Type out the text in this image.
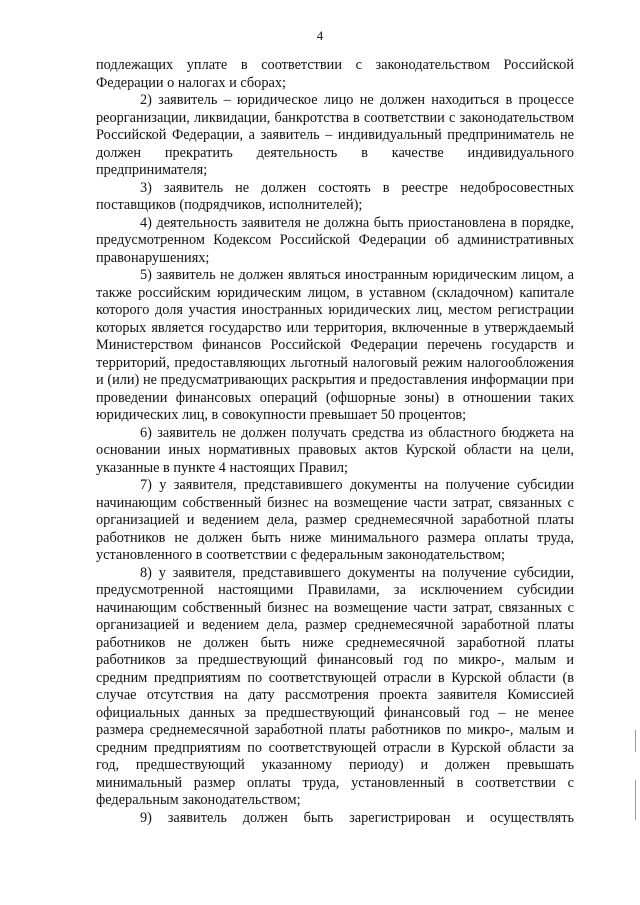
4

подлежащих уплате в соответствии с законодательством Российской Федерации о налогах и сборах;

2) заявитель – юридическое лицо не должен находиться в процессе реорганизации, ликвидации, банкротства в соответствии с законодательством Российской Федерации, а заявитель – индивидуальный предприниматель не должен прекратить деятельность в качестве индивидуального предпринимателя;

3) заявитель не должен состоять в реестре недобросовестных поставщиков (подрядчиков, исполнителей);

4) деятельность заявителя не должна быть приостановлена в порядке, предусмотренном Кодексом Российской Федерации об административных правонарушениях;

5) заявитель не должен являться иностранным юридическим лицом, а также российским юридическим лицом, в уставном (складочном) капитале которого доля участия иностранных юридических лиц, местом регистрации которых является государство или территория, включенные в утверждаемый Министерством финансов Российской Федерации перечень государств и территорий, предоставляющих льготный налоговый режим налогообложения и (или) не предусматривающих раскрытия и предоставления информации при проведении финансовых операций (офшорные зоны) в отношении таких юридических лиц, в совокупности превышает 50 процентов;

6) заявитель не должен получать средства из областного бюджета на основании иных нормативных правовых актов Курской области на цели, указанные в пункте 4 настоящих Правил;

7) у заявителя, представившего документы на получение субсидии начинающим собственный бизнес на возмещение части затрат, связанных с организацией и ведением дела, размер среднемесячной заработной платы работников не должен быть ниже минимального размера оплаты труда, установленного в соответствии с федеральным законодательством;

8) у заявителя, представившего документы на получение субсидии, предусмотренной настоящими Правилами, за исключением субсидии начинающим собственный бизнес на возмещение части затрат, связанных с организацией и ведением дела, размер среднемесячной заработной платы работников не должен быть ниже среднемесячной заработной платы работников за предшествующий финансовый год по микро-, малым и средним предприятиям по соответствующей отрасли в Курской области (в случае отсутствия на дату рассмотрения проекта заявителя Комиссией официальных данных за предшествующий финансовый год – не менее размера среднемесячной заработной платы работников по микро-, малым и средним предприятиям по соответствующей отрасли в Курской области за год, предшествующий указанному периоду) и должен превышать минимальный размер оплаты труда, установленный в соответствии с федеральным законодательством;

9) заявитель должен быть зарегистрирован и осуществлять
